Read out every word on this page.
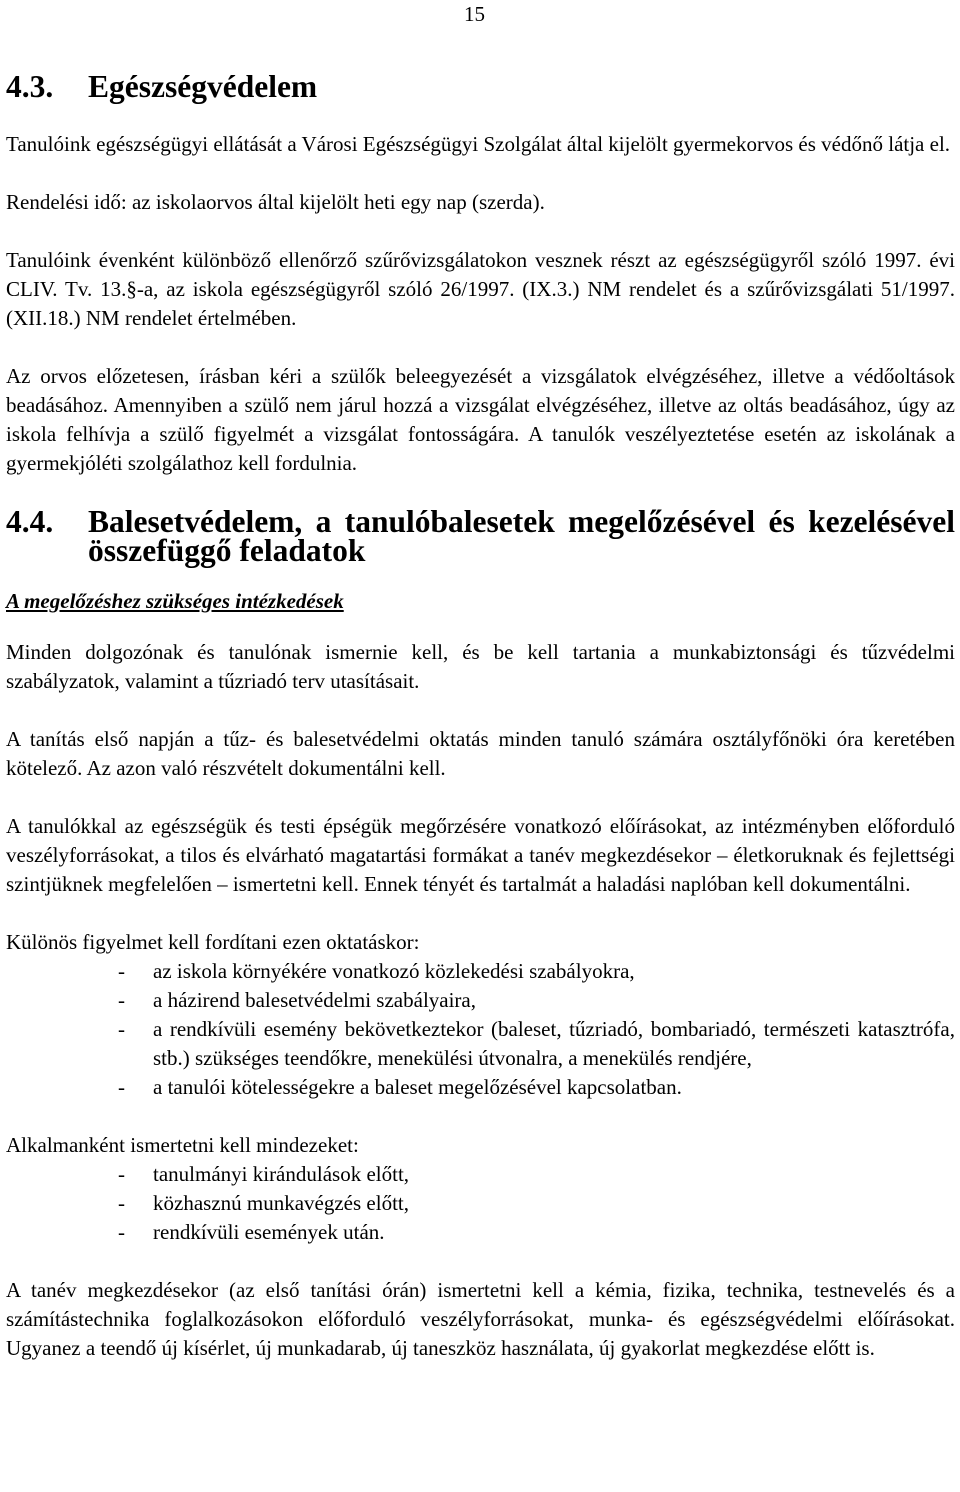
15
4.3.	Egészségvédelem

Tanulóink egészségügyi ellátását a Városi Egészségügyi Szolgálat által kijelölt gyermekorvos és védőnő látja el.

Rendelési idő: az iskolaorvos által kijelölt heti egy nap (szerda).

Tanulóink évenként különböző ellenőrző szűrővizsgálatokon vesznek részt az egészségügyről szóló 1997. évi CLIV. Tv. 13.§-a, az iskola egészségügyről szóló 26/1997. (IX.3.) NM rendelet és a szűrővizsgálati 51/1997. (XII.18.) NM rendelet értelmében.

Az orvos előzetesen, írásban kéri a szülők beleegyezését a vizsgálatok elvégzéséhez, illetve a védőoltások beadásához. Amennyiben a szülő nem járul hozzá a vizsgálat elvégzéséhez, illetve az oltás beadásához, úgy az iskola felhívja a szülő figyelmét a vizsgálat fontosságára. A tanulók veszélyeztetése esetén az iskolának a gyermekjóléti szolgálathoz kell fordulnia.

4.4.	Balesetvédelem, a tanulóbalesetek megelőzésével és kezelésével összefüggő feladatok

A megelőzéshez szükséges intézkedések

Minden dolgozónak és tanulónak ismernie kell, és be kell tartania a munkabiztonsági és tűzvédelmi szabályzatok, valamint a tűzriadó terv utasításait.

A tanítás első napján a tűz- és balesetvédelmi oktatás minden tanuló számára osztályfőnöki óra keretében kötelező. Az azon való részvételt dokumentálni kell.

A tanulókkal az egészségük és testi épségük megőrzésére vonatkozó előírásokat, az intézményben előforduló veszélyforrásokat, a tilos és elvárható magatartási formákat a tanév megkezdésekor – életkoruknak és fejlettségi szintjüknek megfelelően – ismertetni kell. Ennek tényét és tartalmát a haladási naplóban kell dokumentálni.

Különös figyelmet kell fordítani ezen oktatáskor:

-	az iskola környékére vonatkozó közlekedési szabályokra,
-	a házirend balesetvédelmi szabályaira,
-	a rendkívüli esemény bekövetkeztekor (baleset, tűzriadó, bombariadó, természeti katasztrófa, stb.) szükséges teendőkre, menekülési útvonalra, a menekülés rendjére,
-	a tanulói kötelességekre a baleset megelőzésével kapcsolatban.

Alkalmanként ismertetni kell mindezeket:

-	tanulmányi kirándulások előtt,
-	közhasznú munkavégzés előtt,
-	rendkívüli események után.

A tanév megkezdésekor (az első tanítási órán) ismertetni kell a kémia, fizika, technika, testnevelés és a számítástechnika foglalkozásokon előforduló veszélyforrásokat, munka- és egészségvédelmi előírásokat. Ugyanez a teendő új kísérlet, új munkadarab, új taneszköz használata, új gyakorlat megkezdése előtt is.
